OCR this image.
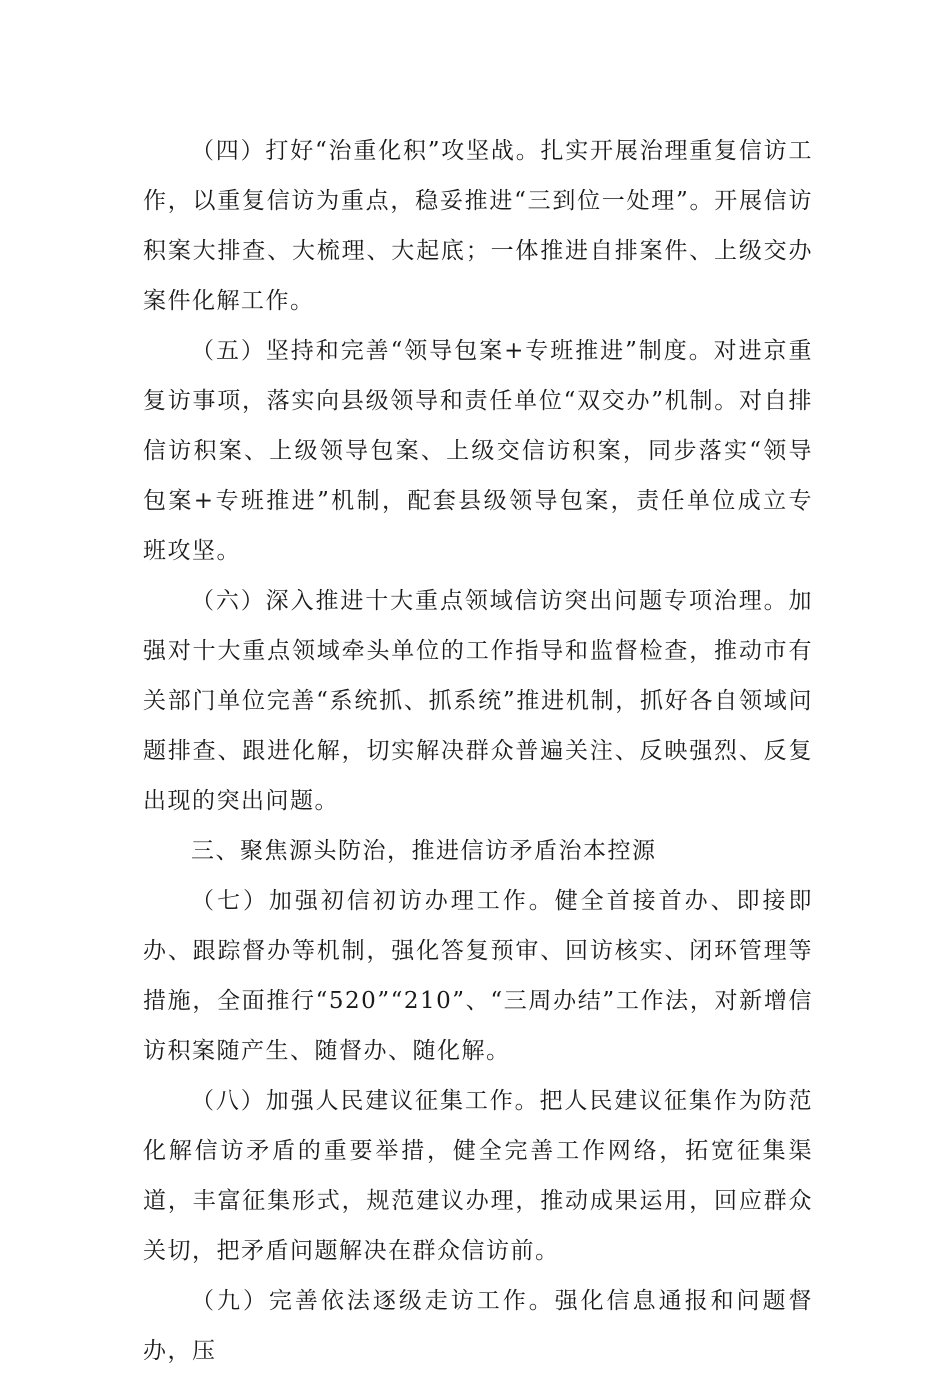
（四）打好“治重化积”攻坚战。扎实开展治理重复信访工作，以重复信访为重点，稳妥推进“三到位一处理”。开展信访积案大排查、大梳理、大起底；一体推进自排案件、上级交办案件化解工作。

（五）坚持和完善“领导包案+专班推进”制度。对进京重复访事项，落实向县级领导和责任单位“双交办”机制。对自排信访积案、上级领导包案、上级交信访积案，同步落实“领导包案+专班推进”机制，配套县级领导包案，责任单位成立专班攻坚。

（六）深入推进十大重点领域信访突出问题专项治理。加强对十大重点领域牵头单位的工作指导和监督检查，推动市有关部门单位完善“系统抓、抓系统”推进机制，抓好各自领域问题排查、跟进化解，切实解决群众普遍关注、反映强烈、反复出现的突出问题。

三、聚焦源头防治，推进信访矛盾治本控源

（七）加强初信初访办理工作。健全首接首办、即接即办、跟踪督办等机制，强化答复预审、回访核实、闭环管理等措施，全面推行“520”“210”、“三周办结”工作法，对新增信访积案随产生、随督办、随化解。

（八）加强人民建议征集工作。把人民建议征集作为防范化解信访矛盾的重要举措，健全完善工作网络，拓宽征集渠道，丰富征集形式，规范建议办理，推动成果运用，回应群众关切，把矛盾问题解决在群众信访前。

（九）完善依法逐级走访工作。强化信息通报和问题督办，压
